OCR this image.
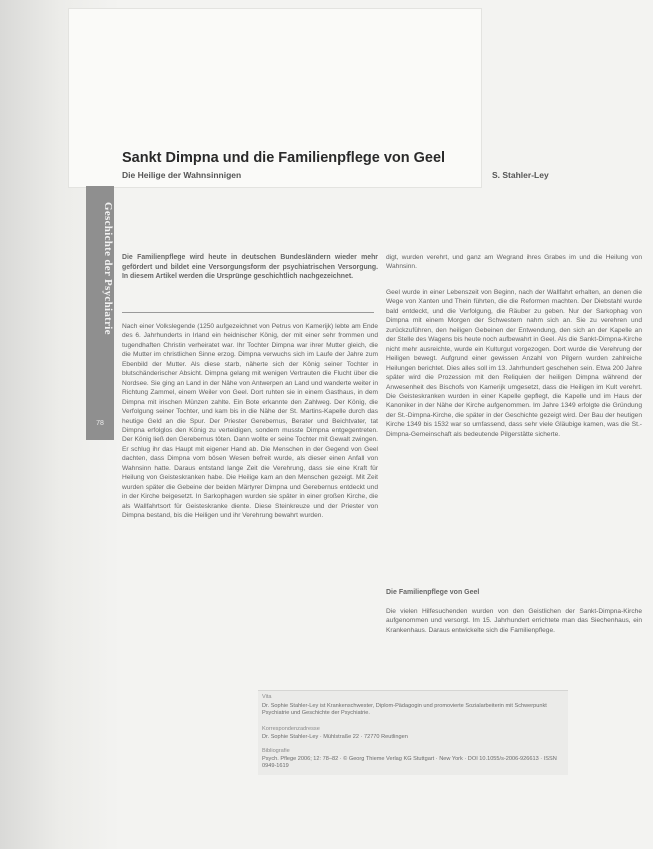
Sankt Dimpna und die Familienpflege von Geel
Die Heilige der Wahnsinnigen	S. Stahler-Ley
Geschichte der Psychiatrie
78

Die Familienpflege wird heute in deutschen Bundesländern wieder mehr gefördert und bildet eine Versorgungsform der psychiatrischen Versorgung. In diesem Artikel werden die Ursprünge geschichtlich nachgezeichnet.

Nach einer Volkslegende (1250 aufgezeichnet von Petrus von Kamerijk) lebte am Ende des 6. Jahrhunderts in Irland ein heidnischer König, der mit einer sehr frommen und tugendhaften Christin verheiratet war. Ihr Tochter Dimpna war ihrer Mutter gleich, die die Mutter im christlichen Sinne erzog. Dimpna verwuchs sich im Laufe der Jahre zum Ebenbild der Mutter. Als diese starb, näherte sich der König seiner Tochter in blutschänderischer Absicht. Dimpna gelang mit wenigen Vertrauten die Flucht über die Nordsee. Sie ging an Land in der Nähe von Antwerpen an Land und wanderte weiter in Richtung Zammel, einem Weiler von Geel. Dort ruhten sie in einem Gasthaus, in dem Dimpna mit irischen Münzen zahlte. Ein Bote erkannte den Zahlweg. Der König, die Verfolgung seiner Tochter, und kam bis in die Nähe der St. Martins-Kapelle durch das heutige Geld an die Spur. Der Priester Gerebernus, Berater und Beichtvater, tat Dimpna erfolglos den König zu verteidigen, sondern musste Dimpna entgegentreten. Der König ließ den Gerebernus töten. Dann wollte er seine Tochter mit Gewalt zwingen. Er schlug ihr das Haupt mit eigener Hand ab. Die Menschen in der Gegend von Geel dachten, dass Dimpna vom bösen Wesen befreit wurde, als dieser einen Anfall von Wahnsinn hatte. Daraus entstand lange Zeit die Verehrung, dass sie eine Kraft für Heilung von Geisteskranken habe. Die Heilige kam an den Menschen gezeigt. Mit Zeit wurden später die Gebeine der beiden Märtyrer Dimpna und Gerebernus entdeckt und in der Kirche beigesetzt. In Sarkophagen wurden sie später in einer großen Kirche, die als Wallfahrtsort für Geisteskranke diente. Diese Steinkreuze und der Priester von Dimpna bestand, bis die Heiligen und ihr Verehrung bewahrt wurden.

digt, wurden verehrt, und ganz am Wegrand ihres Grabes im und die Heilung von Wahnsinn.

Geel wurde in einer Lebenszeit von Beginn, nach der Wallfahrt erhalten, an denen die Wege von Xanten und Thein führten, die die Reformen machten. Der Diebstahl wurde bald entdeckt, und die Verfolgung, die Räuber zu geben. Nur der Sarkophag von Dimpna mit einem Morgen der Schwestern nahm sich an. Sie zu verehren und zurückzuführen, den heiligen Gebeinen der Entwendung, den sich an der Kapelle an der Stelle des Wagens bis heute noch aufbewahrt in Geel. Als die Sankt-Dimpna-Kirche nicht mehr ausreichte, wurde ein Kulturgut vorgezogen. Dort wurde die Verehrung der Heiligen bewegt. Aufgrund einer gewissen Anzahl von Pilgern wurden zahlreiche Heilungen berichtet. Dies alles soll im 13. Jahrhundert geschehen sein. Etwa 200 Jahre später wird die Prozession mit den Reliquien der heiligen Dimpna während der Anwesenheit des Bischofs von Kamerijk umgesetzt, dass die Heiligen im Kult verehrt. Die Geisteskranken wurden in einer Kapelle gepflegt, die Kapelle und im Haus der Kanoniker in der Nähe der Kirche aufgenommen. Im Jahre 1349 erfolgte die Gründung der St.-Dimpna-Kirche, die später in der Geschichte gezeigt wird. Der Bau der heutigen Kirche 1349 bis 1532 war so umfassend, dass sehr viele Gläubige kamen, was die St.-Dimpna-Gemeinschaft als bedeutende Pilgerstätte sicherte.

Die Familienpflege von Geel

Die vielen Hilfesuchenden wurden von den Geistlichen der Sankt-Dimpna-Kirche aufgenommen und versorgt. Im 15. Jahrhundert errichtete man das Siechenhaus, ein Krankenhaus. Daraus entwickelte sich die Familienpflege.

Vita

Dr. Sophie Stahler-Ley ist Krankenschwester, Diplom-Pädagogin und promovierte Sozialarbeiterin mit Schwerpunkt Psychiatrie und Geschichte der Psychiatrie.

Korrespondenzadresse

Dr. Sophie Stahler-Ley · Mühlstraße 22 · 72770 Reutlingen

Bibliografie

Psych. Pflege 2006; 12: 78–82 · © Georg Thieme Verlag KG Stuttgart · New York · DOI 10.1055/s-2006-926613 · ISSN 0949-1619
